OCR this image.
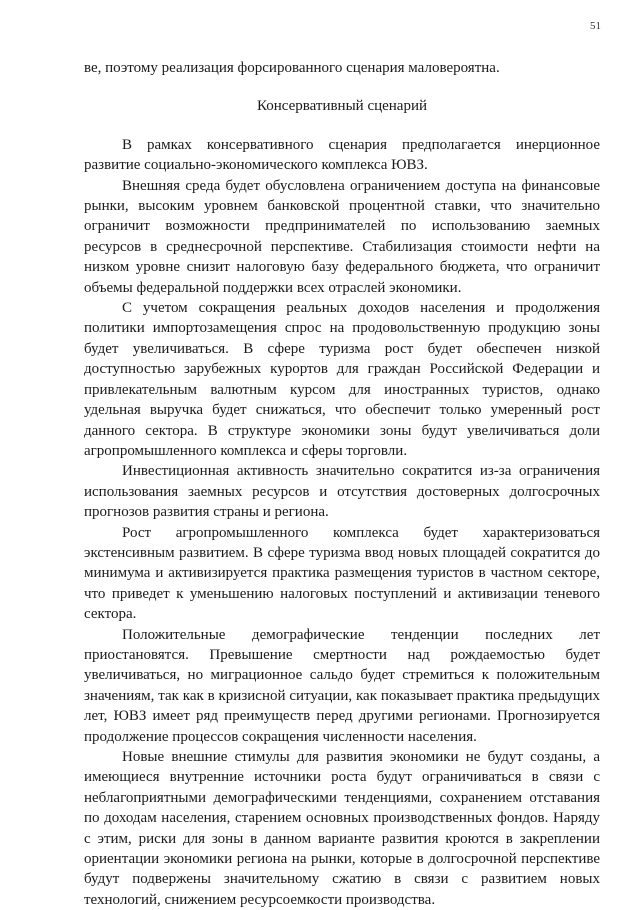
51

ве, поэтому реализация форсированного сценария маловероятна.

Консервативный сценарий

В рамках консервативного сценария предполагается инерционное развитие социально-экономического комплекса ЮВЗ.

Внешняя среда будет обусловлена ограничением доступа на финансовые рынки, высоким уровнем банковской процентной ставки, что значительно ограничит возможности предпринимателей по использованию заемных ресурсов в среднесрочной перспективе. Стабилизация стоимости нефти на низком уровне снизит налоговую базу федерального бюджета, что ограничит объемы федеральной поддержки всех отраслей экономики.

С учетом сокращения реальных доходов населения и продолжения политики импортозамещения спрос на продовольственную продукцию зоны будет увеличиваться. В сфере туризма рост будет обеспечен низкой доступностью зарубежных курортов для граждан Российской Федерации и привлекательным валютным курсом для иностранных туристов, однако удельная выручка будет снижаться, что обеспечит только умеренный рост данного сектора. В структуре экономики зоны будут увеличиваться доли агропромышленного комплекса и сферы торговли.

Инвестиционная активность значительно сократится из-за ограничения использования заемных ресурсов и отсутствия достоверных долгосрочных прогнозов развития страны и региона.

Рост агропромышленного комплекса будет характеризоваться экстенсивным развитием. В сфере туризма ввод новых площадей сократится до минимума и активизируется практика размещения туристов в частном секторе, что приведет к уменьшению налоговых поступлений и активизации теневого сектора.

Положительные демографические тенденции последних лет приостановятся. Превышение смертности над рождаемостью будет увеличиваться, но миграционное сальдо будет стремиться к положительным значениям, так как в кризисной ситуации, как показывает практика предыдущих лет, ЮВЗ имеет ряд преимуществ перед другими регионами. Прогнозируется продолжение процессов сокращения численности населения.

Новые внешние стимулы для развития экономики не будут созданы, а имеющиеся внутренние источники роста будут ограничиваться в связи с неблагоприятными демографическими тенденциями, сохранением отставания по доходам населения, старением основных производственных фондов. Наряду с этим, риски для зоны в данном варианте развития кроются в закреплении ориентации экономики региона на рынки, которые в долгосрочной перспективе будут подвержены значительному сжатию в связи с развитием новых технологий, снижением ресурсоемкости производства.
